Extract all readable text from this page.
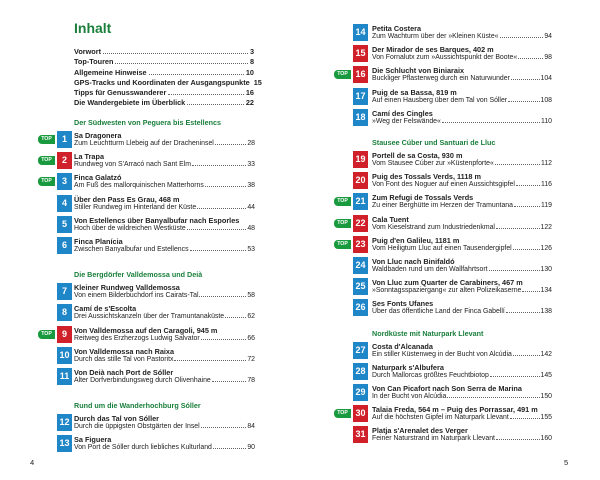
Inhalt
Vorwort	3
Top-Touren	8
Allgemeine Hinweise	10
GPS-Tracks und Koordinaten der Ausgangspunkte 15
Tipps für Genusswanderer	16
Die Wandergebiete im Überblick	22
Der Südwesten von Peguera bis Estellencs
TOP	1 Sa Dragonera
Zum Leuchtturm Llebeig auf der Dracheninsel	28
TOP	2 La Trapa
Rundweg von S'Arracó nach Sant Elm	33
TOP	3 Finca Galatzó
Am Fuß des mallorquinischen Matterhorns	38
4 Über den Pass Es Grau, 468 m
Stiller Rundweg im Hinterland der Küste	44
5 Von Estellencs über Banyalbufar nach Esporles
Hoch über de wildreichen Westküste	48
6 Finca Planícia
Zwischen Banyalbufar und Estellencs	53
Die Bergdörfer Valldemossa und Deià
7 Kleiner Rundweg Valldemossa
Von einem Bilderbuchdorf ins Cairats-Tal	58
8 Camí de s'Escolta
Drei Aussichtskanzeln über der Tramuntanaküste	62
TOP	9 Von Valldemossa auf den Caragoli, 945 m
Reitweg des Erzherzogs Ludwig Salvator	66
10 Von Valldemossa nach Raixa
Durch das stille Tal von Pastoritx	72
11 Von Deià nach Port de Sóller
Alter Dorfverbindungsweg durch Olivenhaine	78
Rund um die Wanderhochburg Sóller
12 Durch das Tal von Sóller
Durch die üppigsten Obstgärten der Insel	84
13 Sa Figuera
Von Port de Sóller durch liebliches Kulturland	90
4
14 Petita Costera
Zum Wachturm über der »Kleinen Küste«	94
15 Der Mirador de ses Barques, 402 m
Von Fornalutx zum »Aussichtspunkt der Boote«	98
TOP 16 Die Schlucht von Biniaraix
Buckliger Pflasterweg durch ein Naturwunder	104
17 Puig de sa Bassa, 819 m
Auf einen Hausberg über dem Tal von Sóller	108
18 Camí des Cingles
»Weg der Felswände«	110
Stausee Cúber und Santuari de Lluc
19 Portell de sa Costa, 930 m
Vom Stausee Cúber zur »Küstenpforte«	112
20 Puig des Tossals Verds, 1118 m
Von Font des Noguer auf einen Aussichtsgipfel	116
TOP 21 Zum Refugi de Tossals Verds
Zu einer Berghütte im Herzen der Tramuntana	119
TOP 22 Cala Tuent
Vom Kieselstrand zum Industriedenkmal	122
TOP 23 Puig d'en Galileu, 1181 m
Vom Heiligtum Lluc auf einen Tausendergipfel	126
24 Von Lluc nach Binifaldó
Waldbaden rund um den Wallfahrtsort	130
25 Von Lluc zum Quarter de Carabiners, 467 m
»Sonntagsspaziergang« zur alten Polizeikaserne	134
26 Ses Fonts Ufanes
Über das öffentliche Land der Finca Gabellí	138
Nordküste mit Naturpark Llevant
27 Costa d'Alcanada
Ein stiller Küstenweg in der Bucht von Alcúdia	142
28 Naturpark s'Albufera
Durch Mallorcas größtes Feuchtbiotop	145
29 Von Can Picafort nach Son Serra de Marina
In der Bucht von Alcúdia	150
TOP 30 Talaia Freda, 564 m – Puig des Porrassar, 491 m
Auf die höchsten Gipfel im Naturpark Llevant	155
31 Platja s'Arenalet des Verger
Feiner Naturstrand im Naturpark Llevant	160
5
